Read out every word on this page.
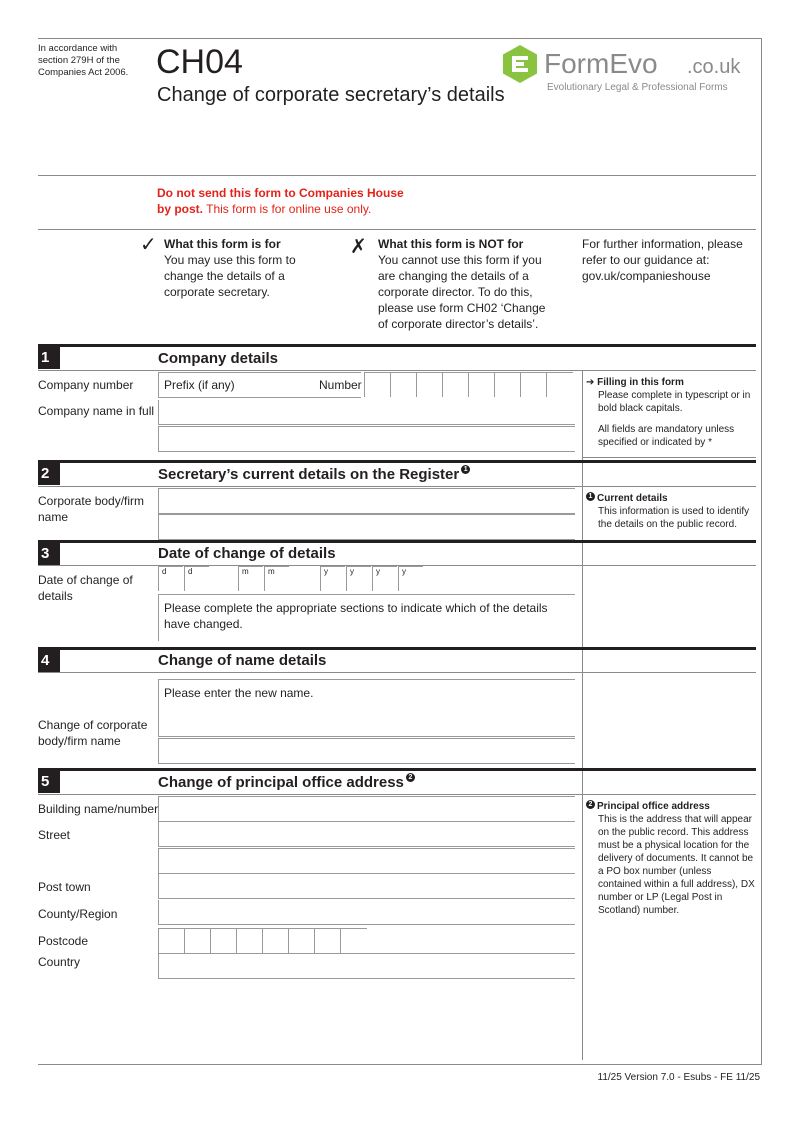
In accordance with section 279H of the Companies Act 2006. CH04
Change of corporate secretary’s details
FormEvo .co.uk
Evolutionary Legal & Professional Forms
Do not send this form to Companies House by post. This form is for online use only.
✓ What this form is for
You may use this form to change the details of a corporate secretary.
✗ What this form is NOT for
You cannot use this form if you are changing the details of a corporate director. To do this, please use form CH02 ‘Change of corporate director’s details’.
For further information, please refer to our guidance at: gov.uk/companieshouse
1	Company details
Company number	Prefix (if any)	Number
Company name in full
➔ Filling in this form
Please complete in typescript or in bold black capitals.
All fields are mandatory unless specified or indicated by *
2	Secretary’s current details on the Register 1
Corporate body/firm name
1 Current details
This information is used to identify the details on the public record.
3	Date of change of details
Date of change of details
d	d	m m	y	y	y	y
Please complete the appropriate sections to indicate which of the details have changed.
4	Change of name details
Please enter the new name.
Change of corporate body/firm name
5	Change of principal office address 2
Building name/number
Street
Post town
County/Region
Postcode
Country
2 Principal office address
This is the address that will appear on the public record. This address must be a physical location for the delivery of documents. It cannot be a PO box number (unless contained within a full address), DX number or LP (Legal Post in Scotland) number.
11/25 Version 7.0 - Esubs - FE 11/25
